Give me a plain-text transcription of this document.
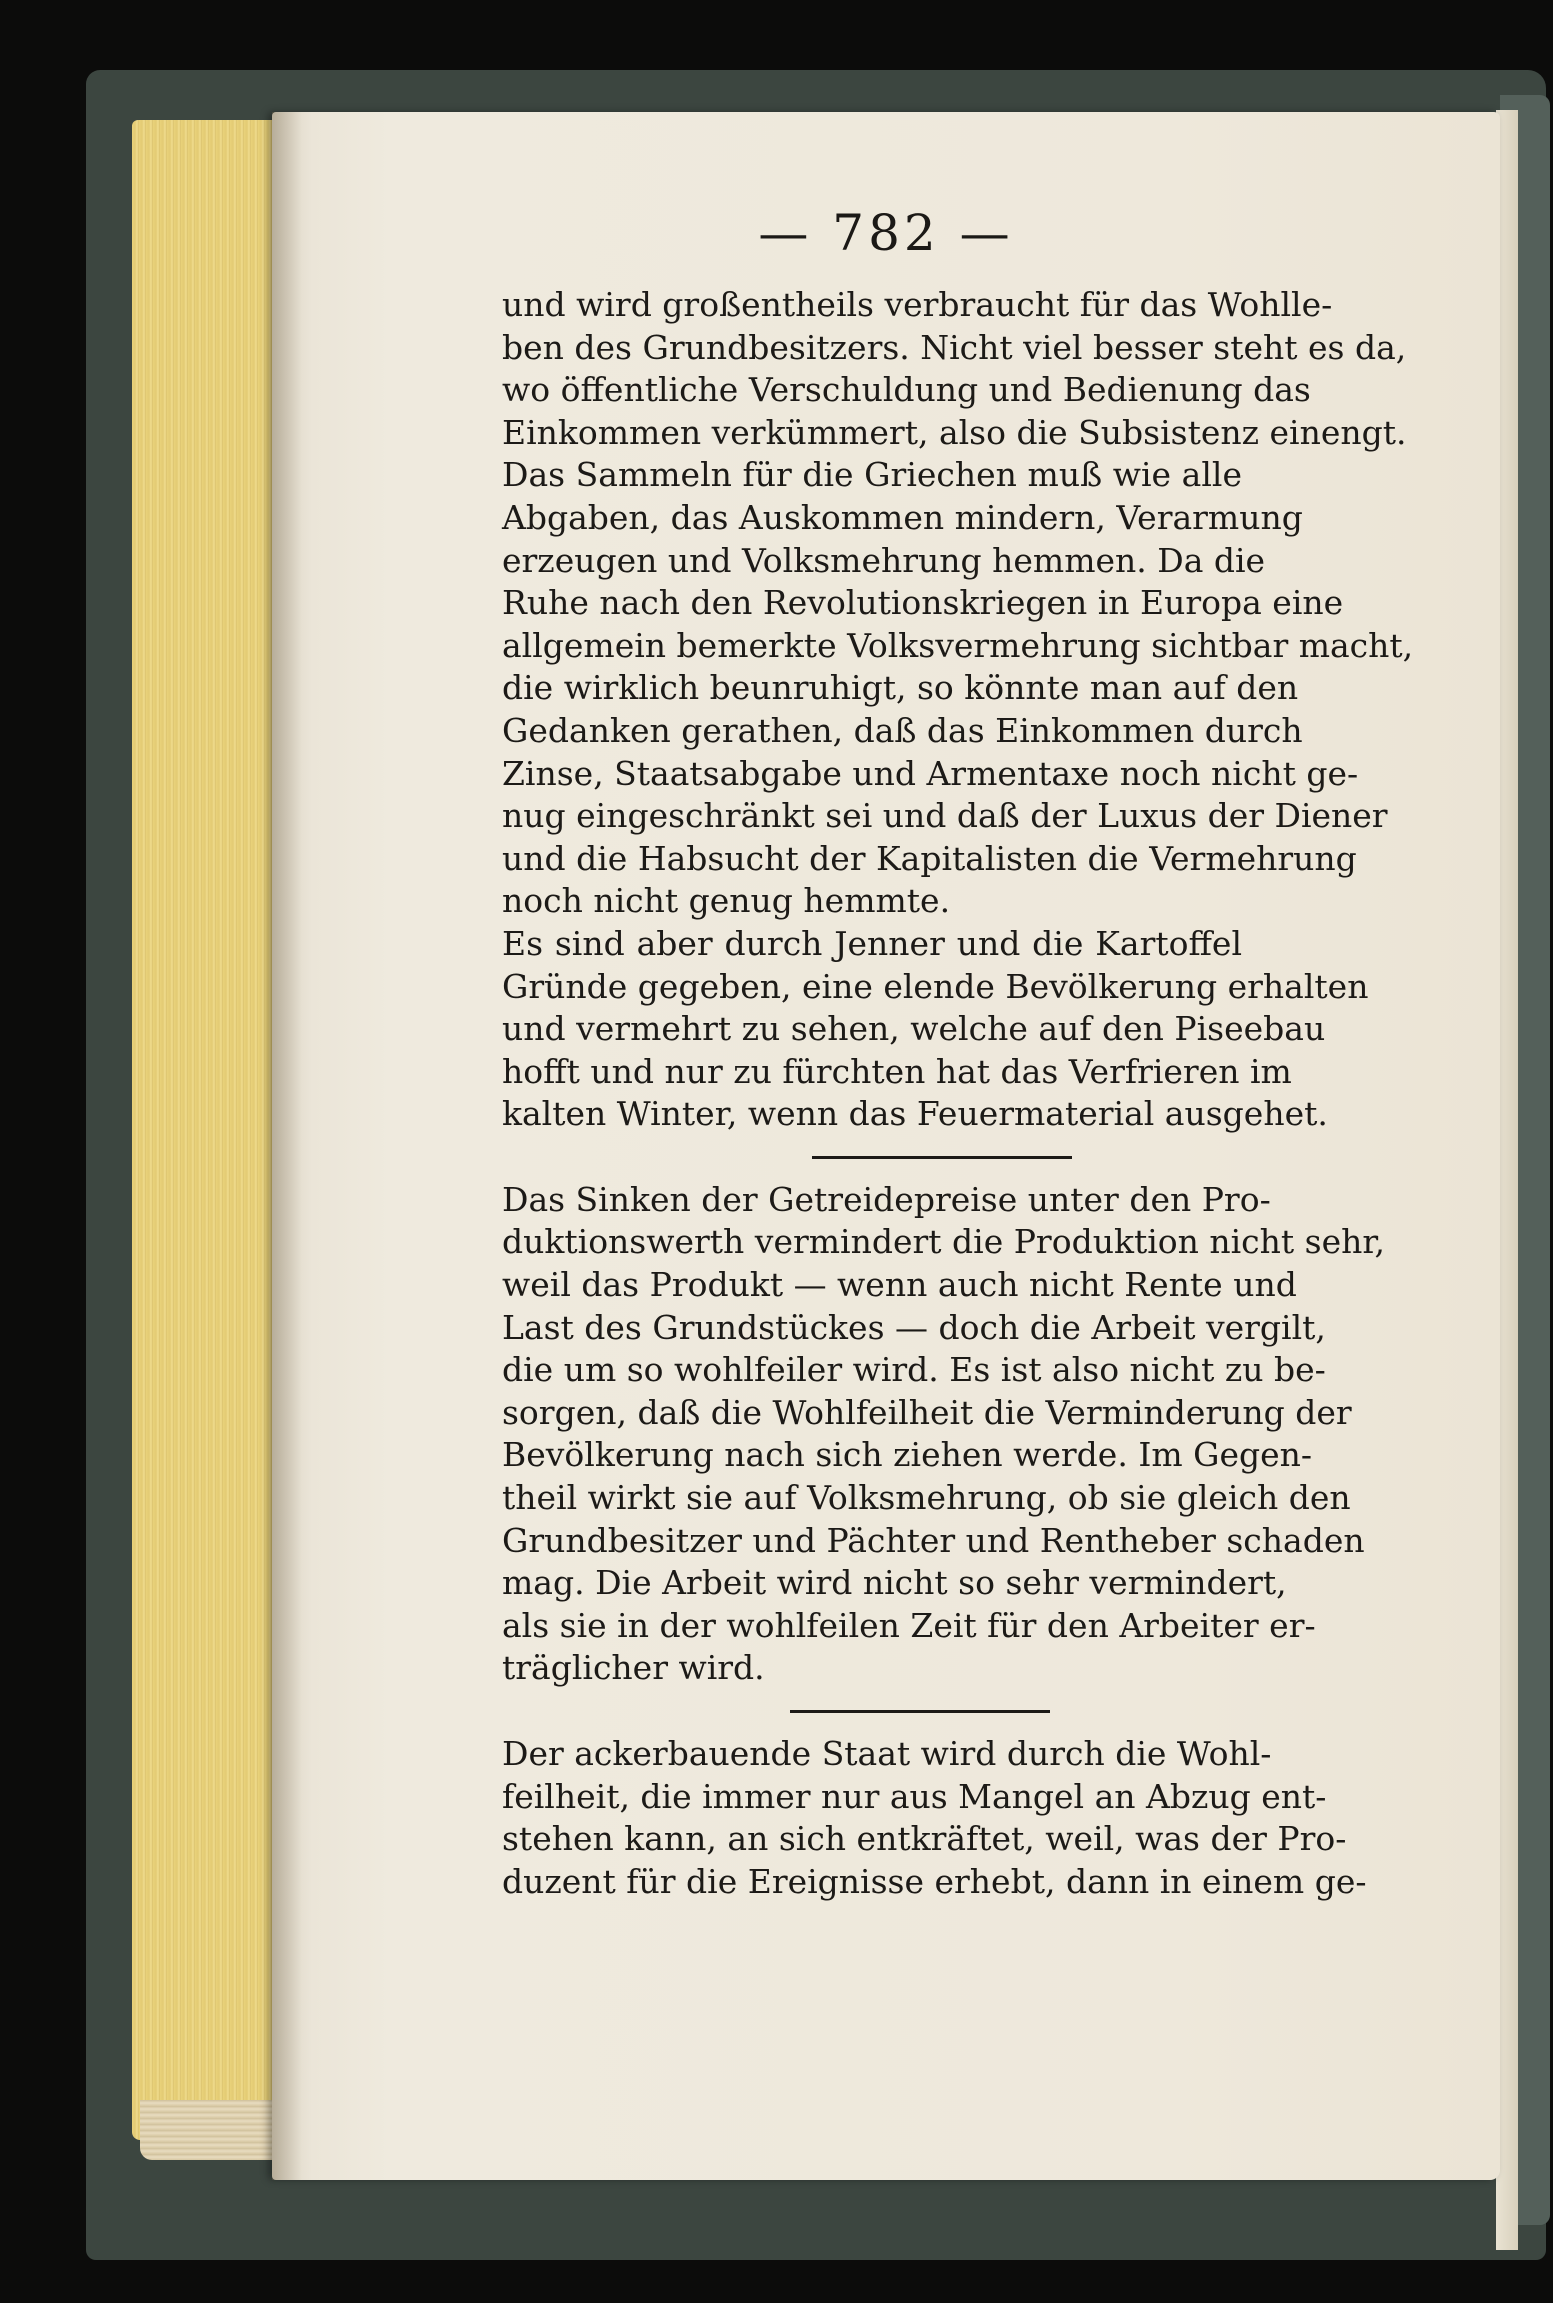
— 782 —
und wird großentheils verbraucht für das Wohlle-
ben des Grundbesitzers. Nicht viel besser steht es da,
wo öffentliche Verschuldung und Bedienung das
Einkommen verkümmert, also die Subsistenz einengt.
Das Sammeln für die Griechen muß wie alle
Abgaben, das Auskommen mindern, Verarmung
erzeugen und Volksmehrung hemmen. Da die
Ruhe nach den Revolutionskriegen in Europa eine
allgemein bemerkte Volksvermehrung sichtbar macht,
die wirklich beunruhigt, so könnte man auf den
Gedanken gerathen, daß das Einkommen durch
Zinse, Staatsabgabe und Armentaxe noch nicht ge-
nug eingeschränkt sei und daß der Luxus der Diener
und die Habsucht der Kapitalisten die Vermehrung
noch nicht genug hemmte.
Es sind aber durch Jenner und die Kartoffel
Gründe gegeben, eine elende Bevölkerung erhalten
und vermehrt zu sehen, welche auf den Piseebau
hofft und nur zu fürchten hat das Verfrieren im
kalten Winter, wenn das Feuermaterial ausgehet.
Das Sinken der Getreidepreise unter den Pro-
duktionswerth vermindert die Produktion nicht sehr,
weil das Produkt — wenn auch nicht Rente und
Last des Grundstückes — doch die Arbeit vergilt,
die um so wohlfeiler wird. Es ist also nicht zu be-
sorgen, daß die Wohlfeilheit die Verminderung der
Bevölkerung nach sich ziehen werde. Im Gegen-
theil wirkt sie auf Volksmehrung, ob sie gleich den
Grundbesitzer und Pächter und Rentheber schaden
mag. Die Arbeit wird nicht so sehr vermindert,
als sie in der wohlfeilen Zeit für den Arbeiter er-
träglicher wird.
Der ackerbauende Staat wird durch die Wohl-
feilheit, die immer nur aus Mangel an Abzug ent-
stehen kann, an sich entkräftet, weil, was der Pro-
duzent für die Ereignisse erhebt, dann in einem ge-
